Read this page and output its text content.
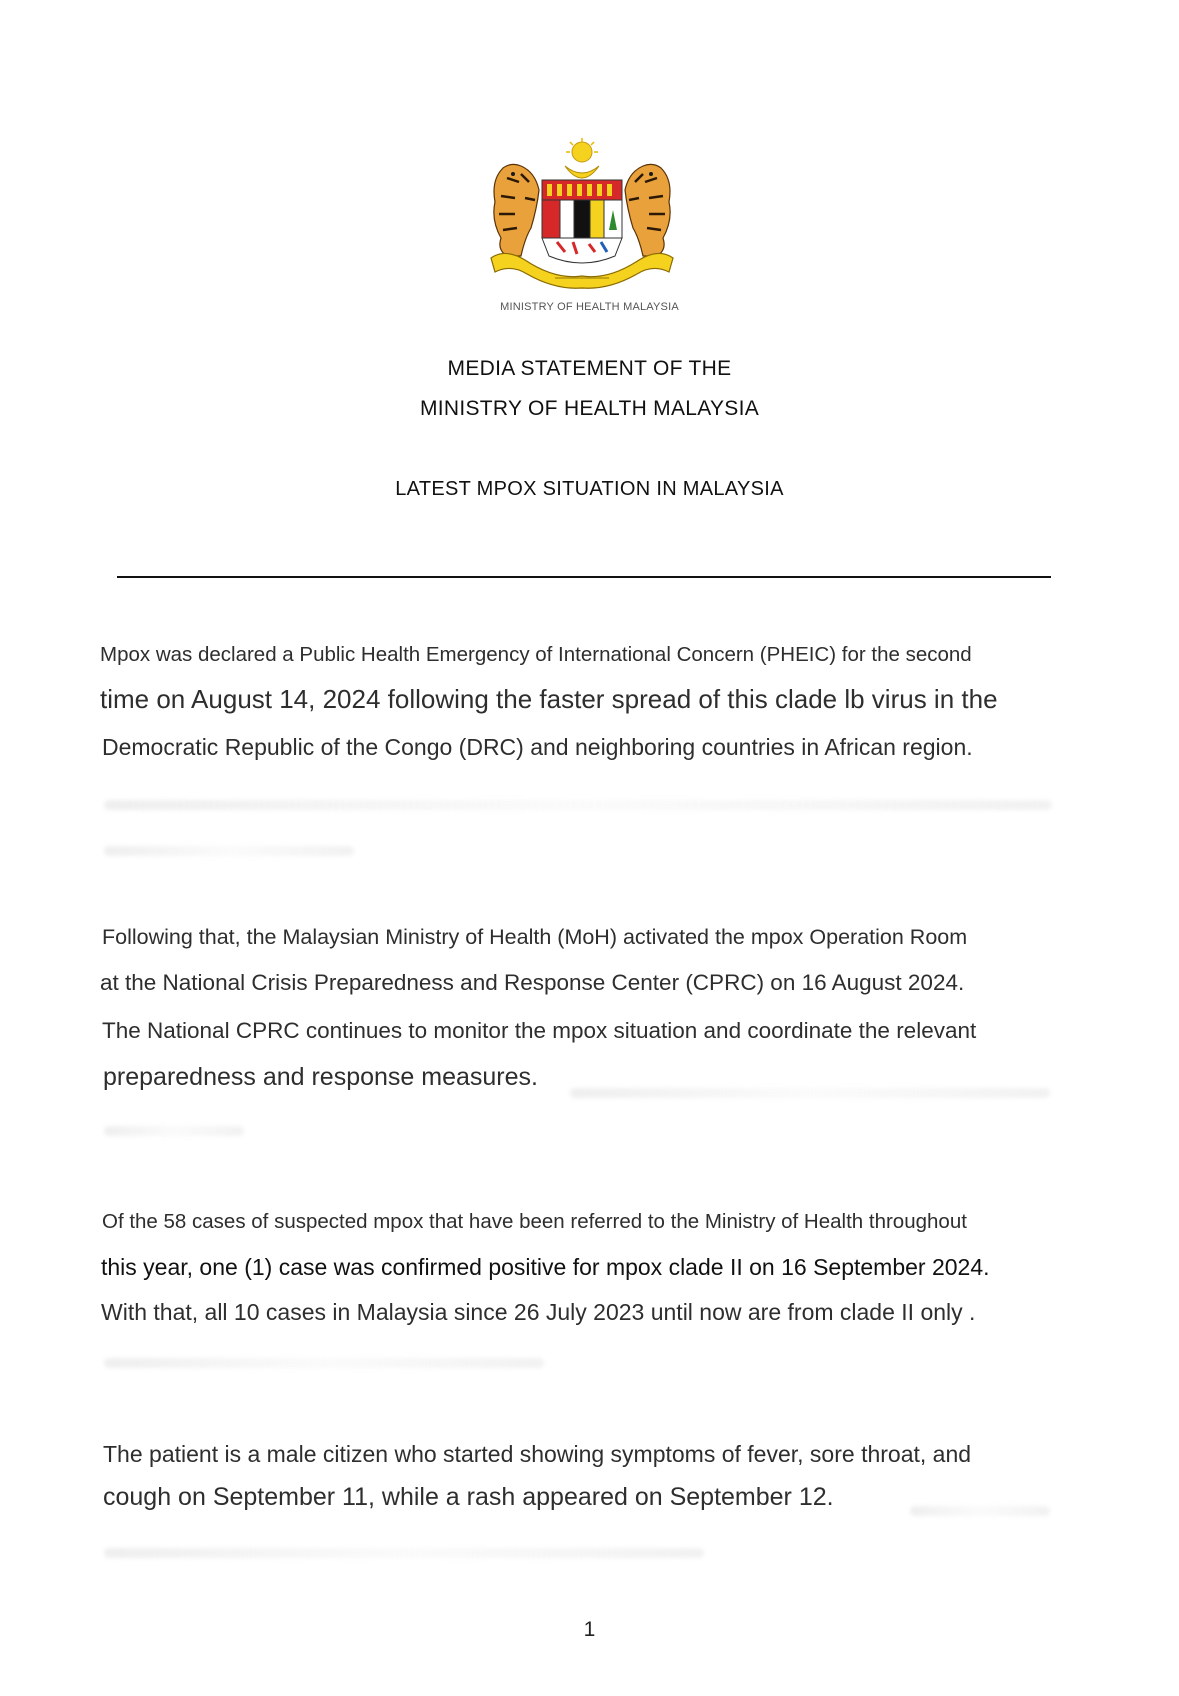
MINISTRY OF HEALTH MALAYSIA
MEDIA STATEMENT OF THE
MINISTRY OF HEALTH MALAYSIA
LATEST MPOX SITUATION IN MALAYSIA
Mpox was declared a Public Health Emergency of International Concern (PHEIC) for the second
time on August 14, 2024 following the faster spread of this clade lb virus in the
Democratic Republic of the Congo (DRC) and neighboring countries in African region.
Following that, the Malaysian Ministry of Health (MoH) activated the mpox Operation Room
at the National Crisis Preparedness and Response Center (CPRC) on 16 August 2024.
The National CPRC continues to monitor the mpox situation and coordinate the relevant
preparedness and response measures.
Of the 58 cases of suspected mpox that have been referred to the Ministry of Health throughout
this year, one (1) case was confirmed positive for mpox clade II on 16 September 2024.
With that, all 10 cases in Malaysia since 26 July 2023 until now are from clade II only .
The patient is a male citizen who started showing symptoms of fever, sore throat, and
cough on September 11, while a rash appeared on September 12.
1
